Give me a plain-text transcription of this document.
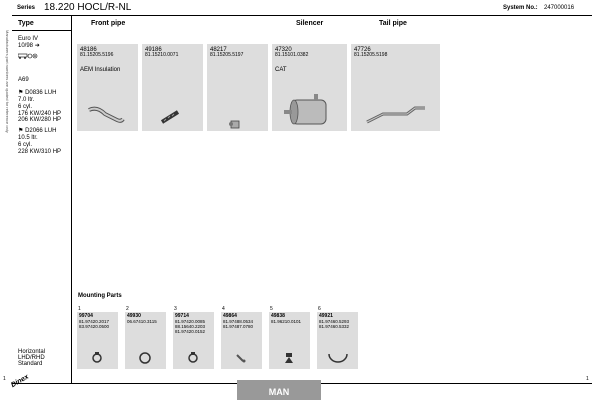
Series 18.220 HOCL/R-NL	System No.: 247000016
Manufacturers part numbers are quoted for reference only
Type
Euro IV
10/98 ➜
A69
⚑ D0836 LUH
7.0 ltr.
6 cyl.
176 KW/240 HP
206 KW/280 HP
⚑ D2066 LUH
10.5 ltr.
6 cyl.
228 KW/310 HP
Horizontal
LHD/RHD
Standard
Front pipe	Silencer	Tail pipe
48186
81.15205.5196
AEM Insulation
49186
81.15210.0071
48217
81.15205.5197
47320
81.15101.0382
CAT
47726
81.15205.5198
Mounting Parts
1
99704
81.97420.2017
83.97420.0500
2
49930
06.67410.3115
3
99714
81.97420.0085
88.15640.2203
81.97420.0152
4
49864
81.97488.0534
81.97487.0780
5
49838
81.96210.0101
6
49921
81.97460.5293
81.97460.5332
1	1
Dinex
MAN
